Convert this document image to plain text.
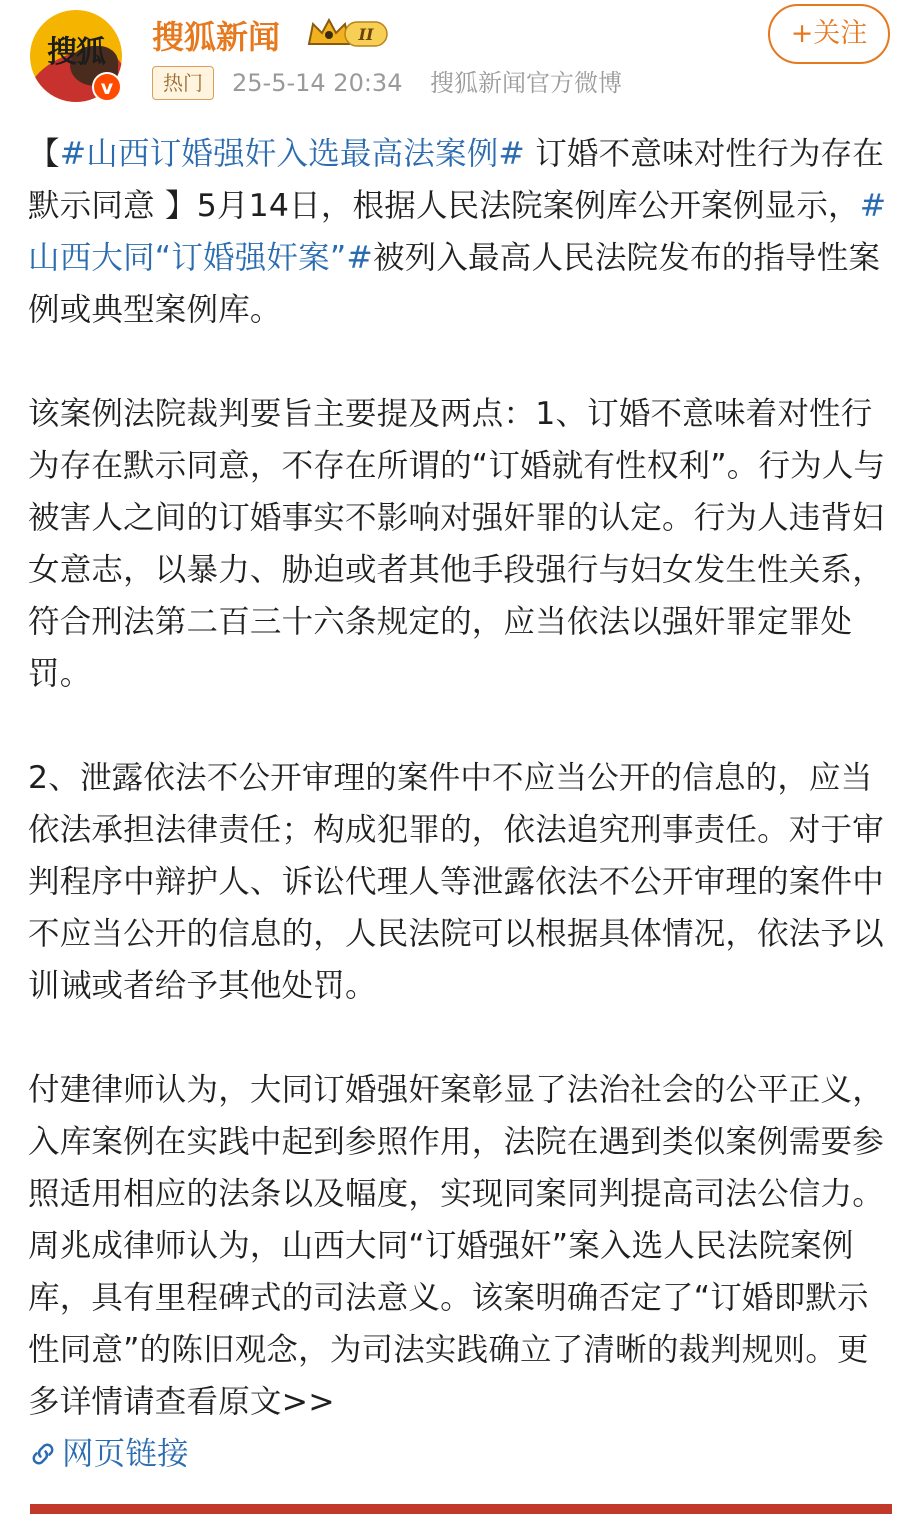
搜狐
v
搜狐新闻	II
热门	25-5-14 20:34 搜狐新闻官方微博
+关注

【#山西订婚强奸入选最高法案例# 订婚不意味对性行为存在默示同意 】5月14日，根据人民法院案例库公开案例显示，#山西大同“订婚强奸案”#被列入最高人民法院发布的指导性案例或典型案例库。

该案例法院裁判要旨主要提及两点：1、订婚不意味着对性行为存在默示同意，不存在所谓的“订婚就有性权利”。行为人与被害人之间的订婚事实不影响对强奸罪的认定。行为人违背妇女意志，以暴力、胁迫或者其他手段强行与妇女发生性关系，符合刑法第二百三十六条规定的，应当依法以强奸罪定罪处罚。

2、泄露依法不公开审理的案件中不应当公开的信息的，应当依法承担法律责任；构成犯罪的，依法追究刑事责任。对于审判程序中辩护人、诉讼代理人等泄露依法不公开审理的案件中不应当公开的信息的，人民法院可以根据具体情况，依法予以训诫或者给予其他处罚。

付建律师认为，大同订婚强奸案彰显了法治社会的公平正义，入库案例在实践中起到参照作用，法院在遇到类似案例需要参照适用相应的法条以及幅度，实现同案同判提高司法公信力。周兆成律师认为，山西大同“订婚强奸”案入选人民法院案例库，具有里程碑式的司法意义。该案明确否定了“订婚即默示性同意”的陈旧观念，为司法实践确立了清晰的裁判规则。更多详情请查看原文>>

网页链接
